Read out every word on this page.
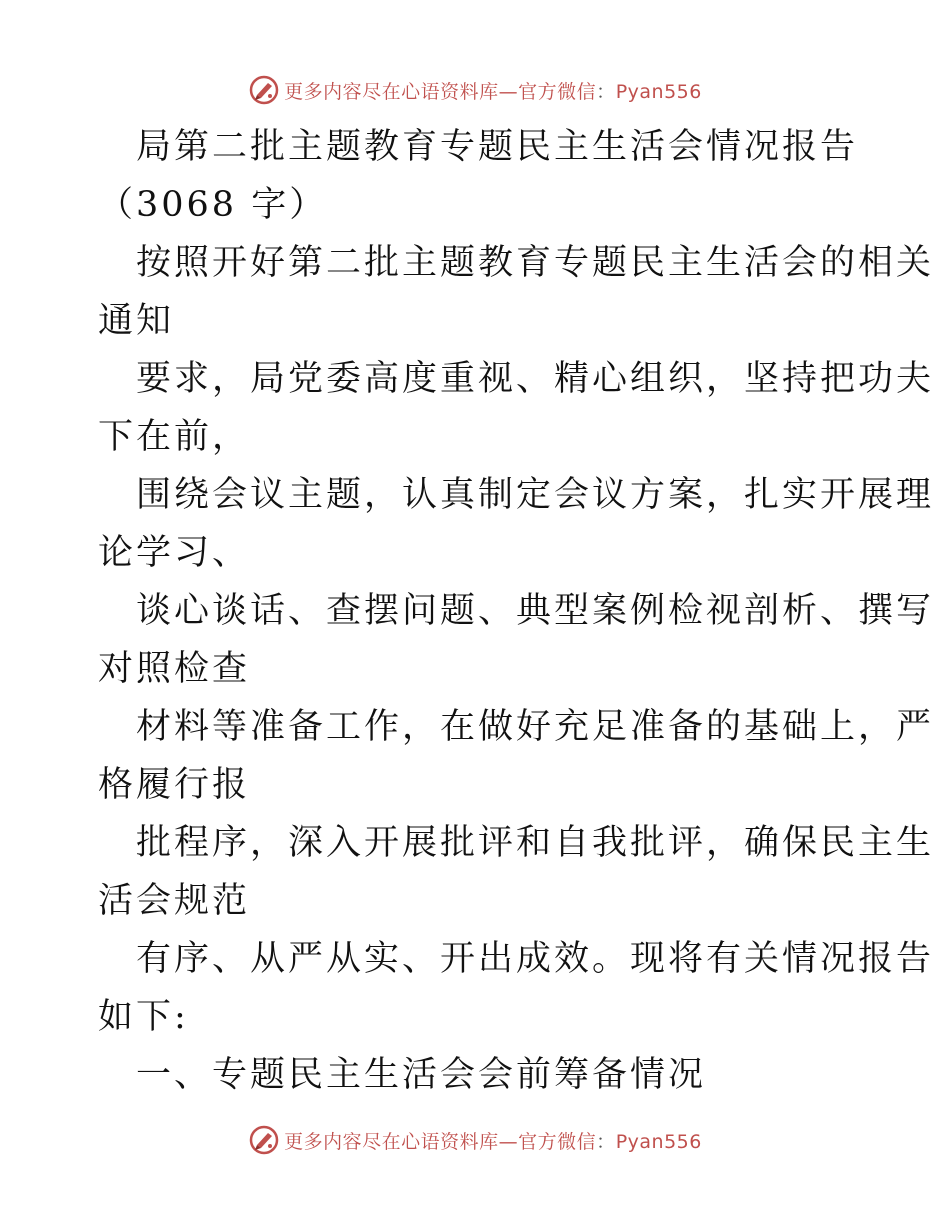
更多内容尽在心语资料库—官方微信：Pyan556
局第二批主题教育专题民主生活会情况报告
（3068 字）
按照开好第二批主题教育专题民主生活会的相关
通知
要求，局党委高度重视、精心组织，坚持把功夫
下在前，
围绕会议主题，认真制定会议方案，扎实开展理
论学习、
谈心谈话、查摆问题、典型案例检视剖析、撰写
对照检查
材料等准备工作，在做好充足准备的基础上，严
格履行报
批程序，深入开展批评和自我批评，确保民主生
活会规范
有序、从严从实、开出成效。现将有关情况报告
如下:
一、专题民主生活会会前筹备情况
更多内容尽在心语资料库—官方微信：Pyan556
